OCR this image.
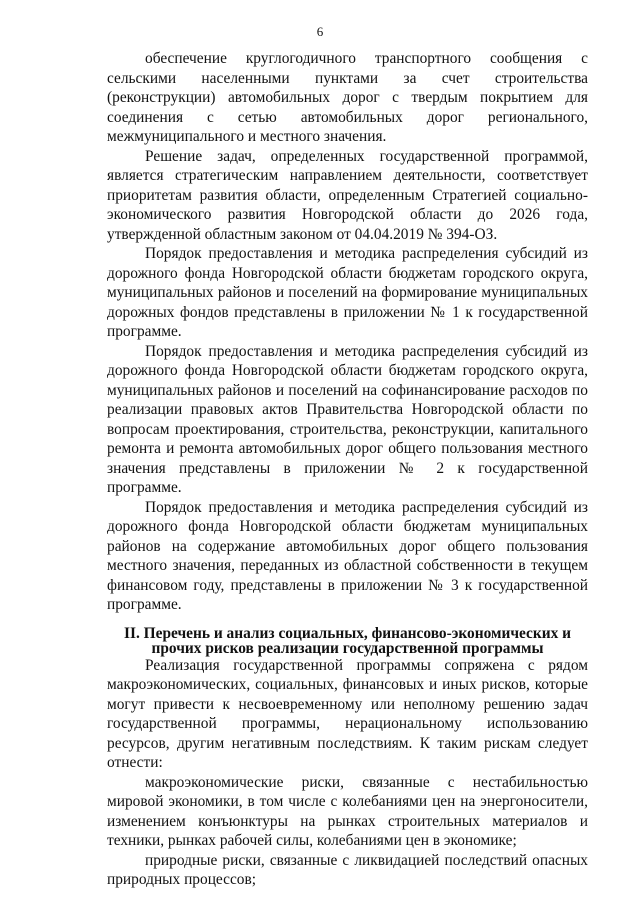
6

обеспечение круглогодичного транспортного сообщения с сельскими населенными пунктами за счет строительства (реконструкции) автомобильных дорог с твердым покрытием для соединения с сетью автомобильных дорог регионального, межмуниципального и местного значения.

Решение задач, определенных государственной программой, является стратегическим направлением деятельности, соответствует приоритетам развития области, определенным Стратегией социально-экономического развития Новгородской области до 2026 года, утвержденной областным законом от 04.04.2019 № 394-ОЗ.

Порядок предоставления и методика распределения субсидий из дорожного фонда Новгородской области бюджетам городского округа, муниципальных районов и поселений на формирование муниципальных дорожных фондов представлены в приложении № 1 к государственной программе.

Порядок предоставления и методика распределения субсидий из дорожного фонда Новгородской области бюджетам городского округа, муниципальных районов и поселений на софинансирование расходов по реализации правовых актов Правительства Новгородской области по вопросам проектирования, строительства, реконструкции, капитального ремонта и ремонта автомобильных дорог общего пользования местного значения представлены в приложении № 2 к государственной программе.

Порядок предоставления и методика распределения субсидий из дорожного фонда Новгородской области бюджетам муниципальных районов на содержание автомобильных дорог общего пользования местного значения, переданных из областной собственности в текущем финансовом году, представлены в приложении № 3 к государственной программе.

II. Перечень и анализ социальных, финансово-экономических и
прочих рисков реализации государственной программы

Реализация государственной программы сопряжена с рядом макроэкономических, социальных, финансовых и иных рисков, которые могут привести к несвоевременному или неполному решению задач государственной программы, нерациональному использованию ресурсов, другим негативным последствиям. К таким рискам следует отнести:

макроэкономические риски, связанные с нестабильностью мировой экономики, в том числе с колебаниями цен на энергоносители, изменением конъюнктуры на рынках строительных материалов и техники, рынках рабочей силы, колебаниями цен в экономике;

природные риски, связанные с ликвидацией последствий опасных природных процессов;
